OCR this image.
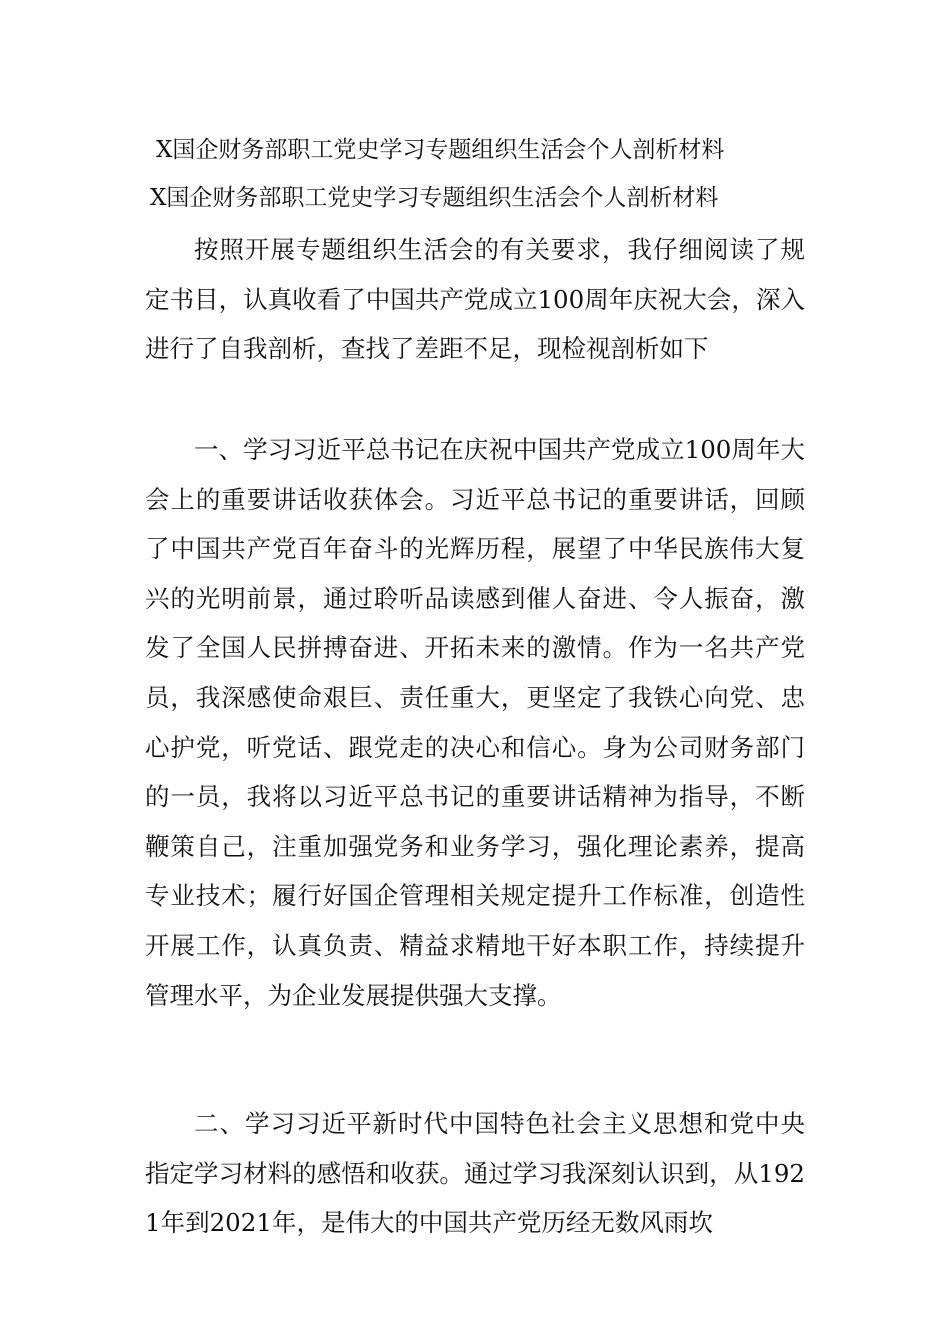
X国企财务部职工党史学习专题组织生活会个人剖析材料
X国企财务部职工党史学习专题组织生活会个人剖析材料

按照开展专题组织生活会的有关要求，我仔细阅读了规定书目，认真收看了中国共产党成立100周年庆祝大会，深入进行了自我剖析，查找了差距不足，现检视剖析如下

一、学习习近平总书记在庆祝中国共产党成立100周年大会上的重要讲话收获体会。习近平总书记的重要讲话，回顾了中国共产党百年奋斗的光辉历程，展望了中华民族伟大复兴的光明前景，通过聆听品读感到催人奋进、令人振奋，激发了全国人民拼搏奋进、开拓未来的激情。作为一名共产党员，我深感使命艰巨、责任重大，更坚定了我铁心向党、忠心护党，听党话、跟党走的决心和信心。身为公司财务部门的一员，我将以习近平总书记的重要讲话精神为指导，不断鞭策自己，注重加强党务和业务学习，强化理论素养，提高专业技术；履行好国企管理相关规定提升工作标准，创造性开展工作，认真负责、精益求精地干好本职工作，持续提升管理水平，为企业发展提供强大支撑。

二、学习习近平新时代中国特色社会主义思想和党中央指定学习材料的感悟和收获。通过学习我深刻认识到，从1921年到2021年，是伟大的中国共产党历经无数风雨坎
